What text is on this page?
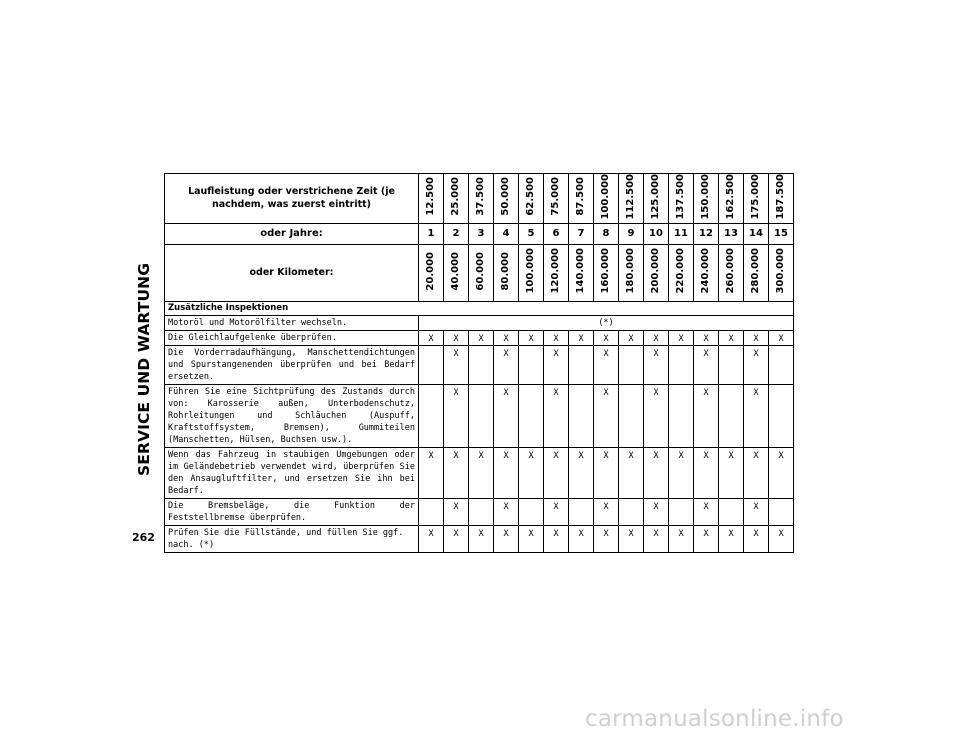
SERVICE UND WARTUNG
Laufleistung oder verstrichene Zeit (je nachdem, was zuerst eintritt)	12.500	25.000	37.500	50.000	62.500	75.000	87.500	100.000	112.500	125.000	137.500	150.000	162.500	175.000	187.500
oder Jahre:	1	2	3	4	5	6	7	8	9	10	11	12	13	14	15
oder Kilometer:	20.000	40.000	60.000	80.000	100.000	120.000	140.000	160.000	180.000	200.000	220.000	240.000	260.000	280.000	300.000
Zusätzliche Inspektionen															
Motoröl und Motorölfilter wechseln.	(*)														
Die Gleichlaufgelenke überprüfen.	X	X	X	X	X	X	X	X	X	X	X	X	X	X	X
Die Vorderradaufhängung, Manschettendichtungen und Spurstangenenden überprüfen und bei Bedarf ersetzen.		X		X		X		X		X		X		X	
Führen Sie eine Sichtprüfung des Zustands durch von: Karosserie außen, Unterbodenschutz, Rohrleitungen und Schläuchen (Auspuff, Kraftstoffsystem, Bremsen), Gummiteilen (Manschetten, Hülsen, Buchsen usw.).		X		X		X		X		X		X		X	
Wenn das Fahrzeug in staubigen Umgebungen oder im Geländebetrieb verwendet wird, überprüfen Sie den Ansaugluftfilter, und ersetzen Sie ihn bei Bedarf.	X	X	X	X	X	X	X	X	X	X	X	X	X	X	X
Die Bremsbeläge, die Funktion der Feststellbremse überprüfen.		X		X		X		X		X		X		X	
Prüfen Sie die Füllstände, und füllen Sie ggf. nach. (*)	X	X	X	X	X	X	X	X	X	X	X	X	X	X	X
262
carmanualsonline.info
